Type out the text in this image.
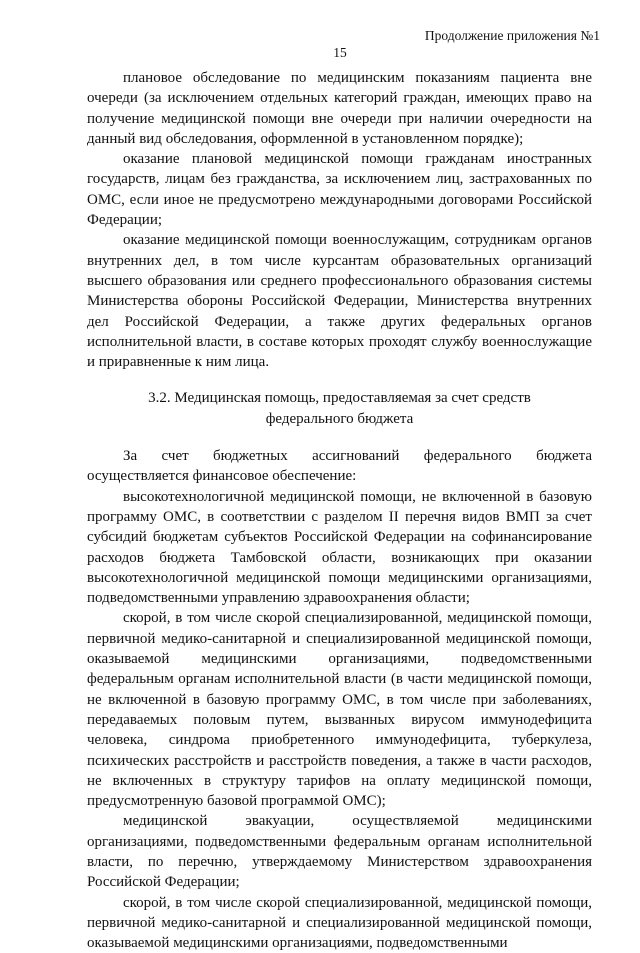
Продолжение приложения №1
15

плановое обследование по медицинским показаниям пациента вне очереди (за исключением отдельных категорий граждан, имеющих право на получение медицинской помощи вне очереди при наличии очередности на данный вид обследования, оформленной в установленном порядке);

оказание плановой медицинской помощи гражданам иностранных государств, лицам без гражданства, за исключением лиц, застрахованных по ОМС, если иное не предусмотрено международными договорами Российской Федерации;

оказание медицинской помощи военнослужащим, сотрудникам органов внутренних дел, в том числе курсантам образовательных организаций высшего образования или среднего профессионального образования системы Министерства обороны Российской Федерации, Министерства внутренних дел Российской Федерации, а также других федеральных органов исполнительной власти, в составе которых проходят службу военнослужащие и приравненные к ним лица.

3.2. Медицинская помощь, предоставляемая за счет средств
федерального бюджета

За счет бюджетных ассигнований федерального бюджета осуществляется финансовое обеспечение:

высокотехнологичной медицинской помощи, не включенной в базовую программу ОМС, в соответствии с разделом II перечня видов ВМП за счет субсидий бюджетам субъектов Российской Федерации на софинансирование расходов бюджета Тамбовской области, возникающих при оказании высокотехнологичной медицинской помощи медицинскими организациями, подведомственными управлению здравоохранения области;

скорой, в том числе скорой специализированной, медицинской помощи, первичной медико-санитарной и специализированной медицинской помощи, оказываемой медицинскими организациями, подведомственными федеральным органам исполнительной власти (в части медицинской помощи, не включенной в базовую программу ОМС, в том числе при заболеваниях, передаваемых половым путем, вызванных вирусом иммунодефицита человека, синдрома приобретенного иммунодефицита, туберкулеза, психических расстройств и расстройств поведения, а также в части расходов, не включенных в структуру тарифов на оплату медицинской помощи, предусмотренную базовой программой ОМС);

медицинской эвакуации, осуществляемой медицинскими организациями, подведомственными федеральным органам исполнительной власти, по перечню, утверждаемому Министерством здравоохранения Российской Федерации;

скорой, в том числе скорой специализированной, медицинской помощи, первичной медико-санитарной и специализированной медицинской помощи, оказываемой медицинскими организациями, подведомственными
